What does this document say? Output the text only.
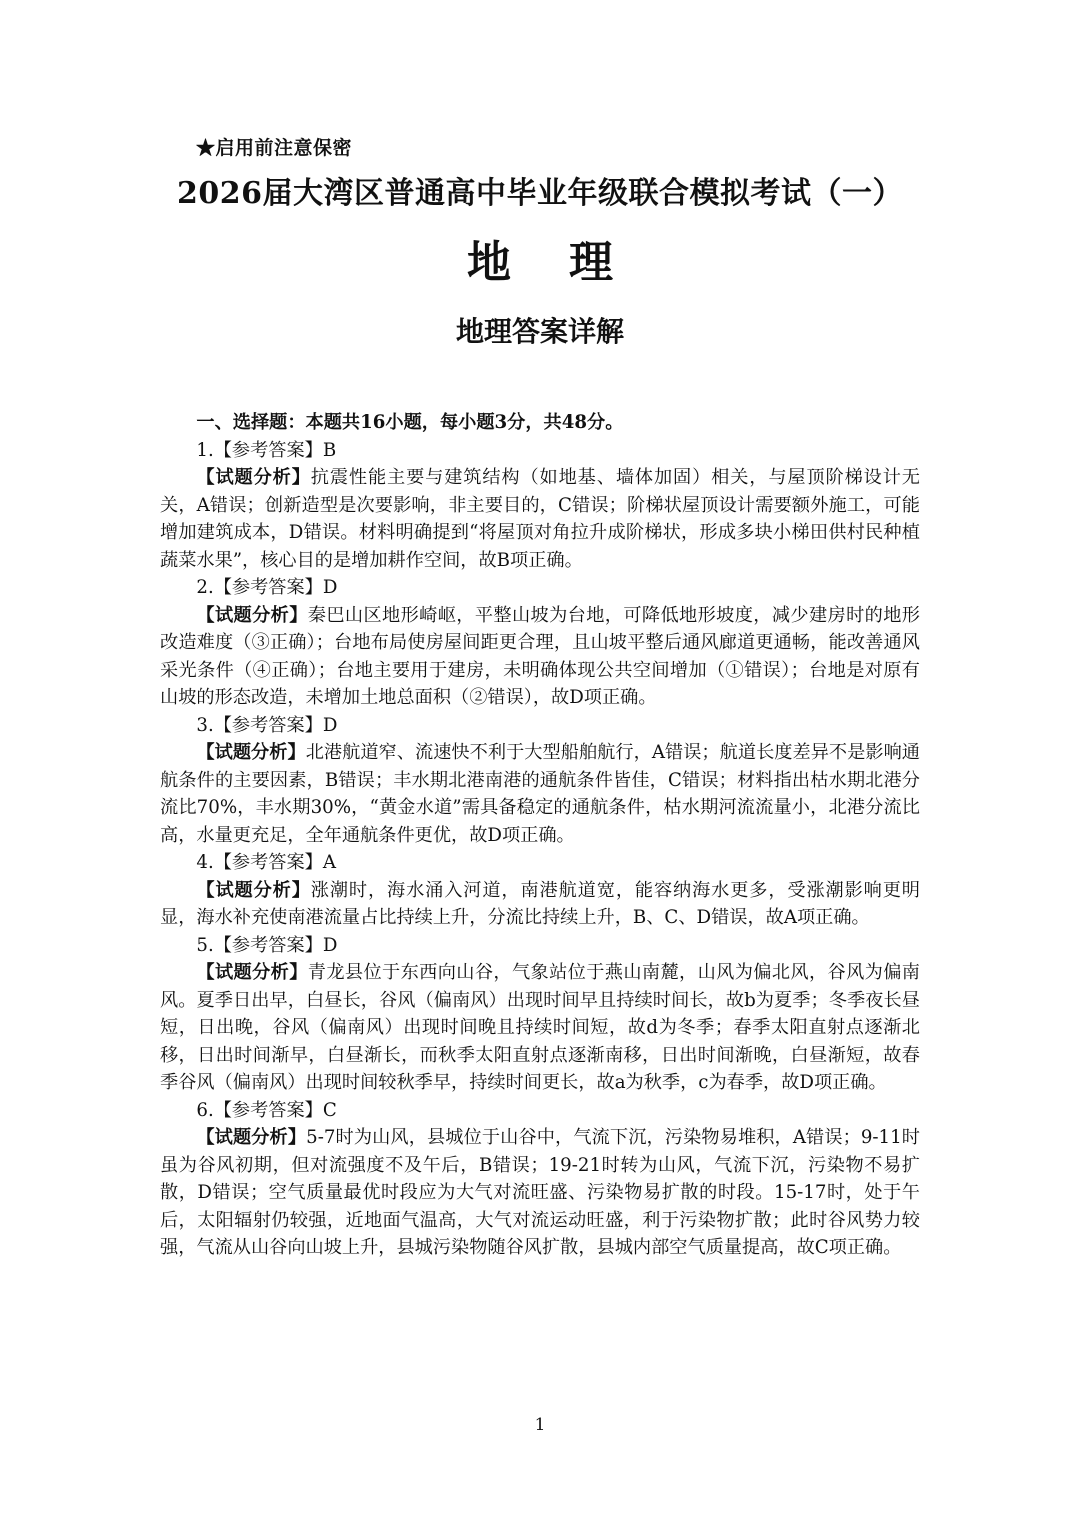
★启用前注意保密
2026届大湾区普通高中毕业年级联合模拟考试（一）
地 理
地理答案详解

一、选择题：本题共16小题，每小题3分，共48分。

1.【参考答案】B

【试题分析】抗震性能主要与建筑结构（如地基、墙体加固）相关，与屋顶阶梯设计无关，A错误；创新造型是次要影响，非主要目的，C错误；阶梯状屋顶设计需要额外施工，可能增加建筑成本，D错误。材料明确提到“将屋顶对角拉升成阶梯状，形成多块小梯田供村民种植蔬菜水果”，核心目的是增加耕作空间，故B项正确。

2.【参考答案】D

【试题分析】秦巴山区地形崎岖，平整山坡为台地，可降低地形坡度，减少建房时的地形改造难度（③正确）；台地布局使房屋间距更合理，且山坡平整后通风廊道更通畅，能改善通风采光条件（④正确）；台地主要用于建房，未明确体现公共空间增加（①错误）；台地是对原有山坡的形态改造，未增加土地总面积（②错误），故D项正确。

3.【参考答案】D

【试题分析】北港航道窄、流速快不利于大型船舶航行，A错误；航道长度差异不是影响通航条件的主要因素，B错误；丰水期北港南港的通航条件皆佳，C错误；材料指出枯水期北港分流比70%，丰水期30%，“黄金水道”需具备稳定的通航条件，枯水期河流流量小，北港分流比高，水量更充足，全年通航条件更优，故D项正确。

4.【参考答案】A

【试题分析】涨潮时，海水涌入河道，南港航道宽，能容纳海水更多，受涨潮影响更明显，海水补充使南港流量占比持续上升，分流比持续上升，B、C、D错误，故A项正确。

5.【参考答案】D

【试题分析】青龙县位于东西向山谷，气象站位于燕山南麓，山风为偏北风，谷风为偏南风。夏季日出早，白昼长，谷风（偏南风）出现时间早且持续时间长，故b为夏季；冬季夜长昼短，日出晚，谷风（偏南风）出现时间晚且持续时间短，故d为冬季；春季太阳直射点逐渐北移，日出时间渐早，白昼渐长，而秋季太阳直射点逐渐南移，日出时间渐晚，白昼渐短，故春季谷风（偏南风）出现时间较秋季早，持续时间更长，故a为秋季，c为春季，故D项正确。

6.【参考答案】C

【试题分析】5-7时为山风，县城位于山谷中，气流下沉，污染物易堆积，A错误；9-11时虽为谷风初期，但对流强度不及午后，B错误；19-21时转为山风，气流下沉，污染物不易扩散，D错误；空气质量最优时段应为大气对流旺盛、污染物易扩散的时段。15-17时，处于午后，太阳辐射仍较强，近地面气温高，大气对流运动旺盛，利于污染物扩散；此时谷风势力较强，气流从山谷向山坡上升，县城污染物随谷风扩散，县城内部空气质量提高，故C项正确。

1
